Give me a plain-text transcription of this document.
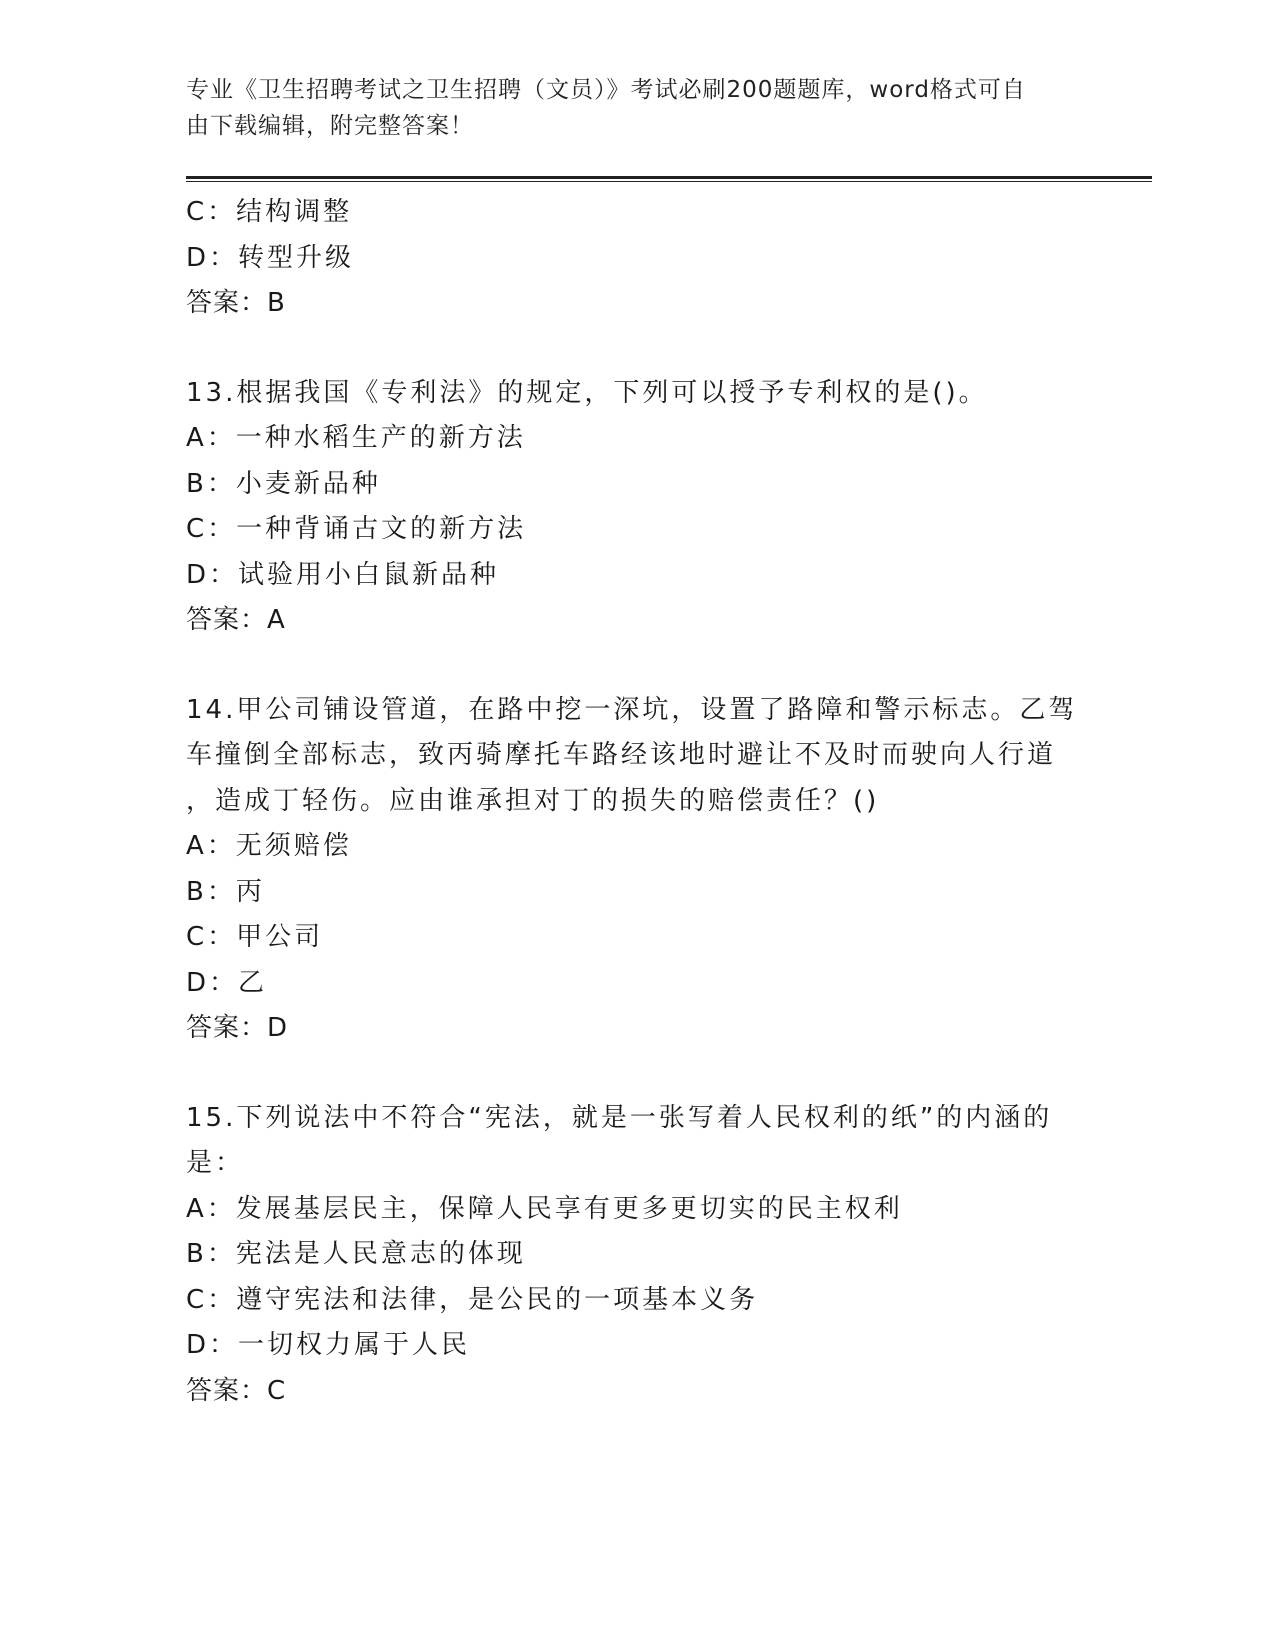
专业《卫生招聘考试之卫生招聘（文员）》考试必刷200题题库，word格式可自
由下载编辑，附完整答案！
C：结构调整
D：转型升级
答案：B
13.根据我国《专利法》的规定，下列可以授予专利权的是()。
A：一种水稻生产的新方法
B：小麦新品种
C：一种背诵古文的新方法
D：试验用小白鼠新品种
答案：A
14.甲公司铺设管道，在路中挖一深坑，设置了路障和警示标志。乙驾
车撞倒全部标志，致丙骑摩托车路经该地时避让不及时而驶向人行道
，造成丁轻伤。应由谁承担对丁的损失的赔偿责任？()
A：无须赔偿
B：丙
C：甲公司
D：乙
答案：D
15.下列说法中不符合“宪法，就是一张写着人民权利的纸”的内涵的
是：
A：发展基层民主，保障人民享有更多更切实的民主权利
B：宪法是人民意志的体现
C：遵守宪法和法律，是公民的一项基本义务
D：一切权力属于人民
答案：C
